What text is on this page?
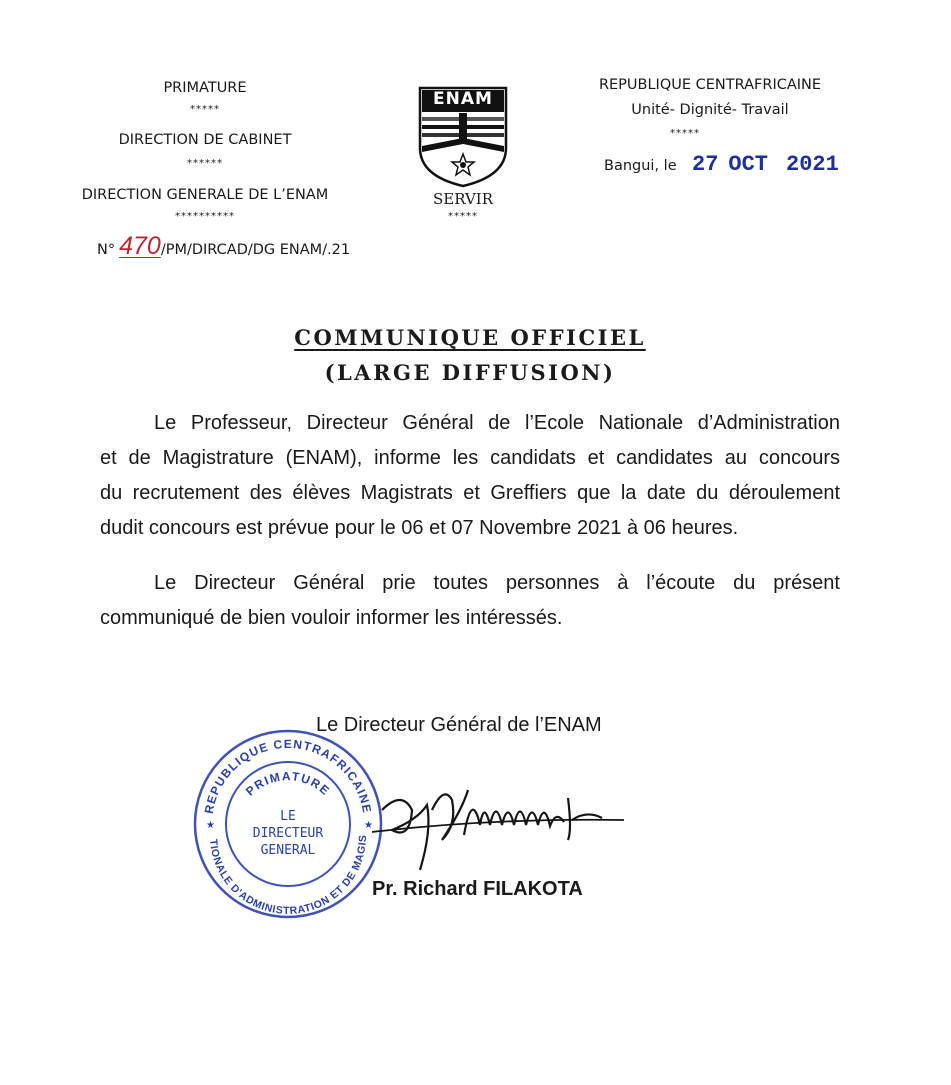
PRIMATURE
*****
DIRECTION DE CABINET
******
DIRECTION GENERALE DE L’ENAM
**********
N° 470/PM/DIRCAD/DG ENAM/.21
ENAM
SERVIR
*****
REPUBLIQUE CENTRAFRICAINE
Unité- Dignité- Travail
*****
Bangui, le 27 OCT 2021
COMMUNIQUE OFFICIEL
(LARGE DIFFUSION)
Le Professeur, Directeur Général de l’Ecole Nationale d’Administration
et de Magistrature (ENAM), informe les candidats et candidates au concours
du recrutement des élèves Magistrats et Greffiers que la date du déroulement
dudit concours est prévue pour le 06 et 07 Novembre 2021 à 06 heures.
Le Directeur Général prie toutes personnes à l’écoute du présent
communiqué de bien vouloir informer les intéressés.
Le Directeur Général de l’ENAM
REPUBLIQUE CENTRAFRICAINE
PRIMATURE
TIONALE D'ADMINISTRATION ET DE MAGIS
LE
DIRECTEUR
GENERAL
★	★
Pr. Richard FILAKOTA
